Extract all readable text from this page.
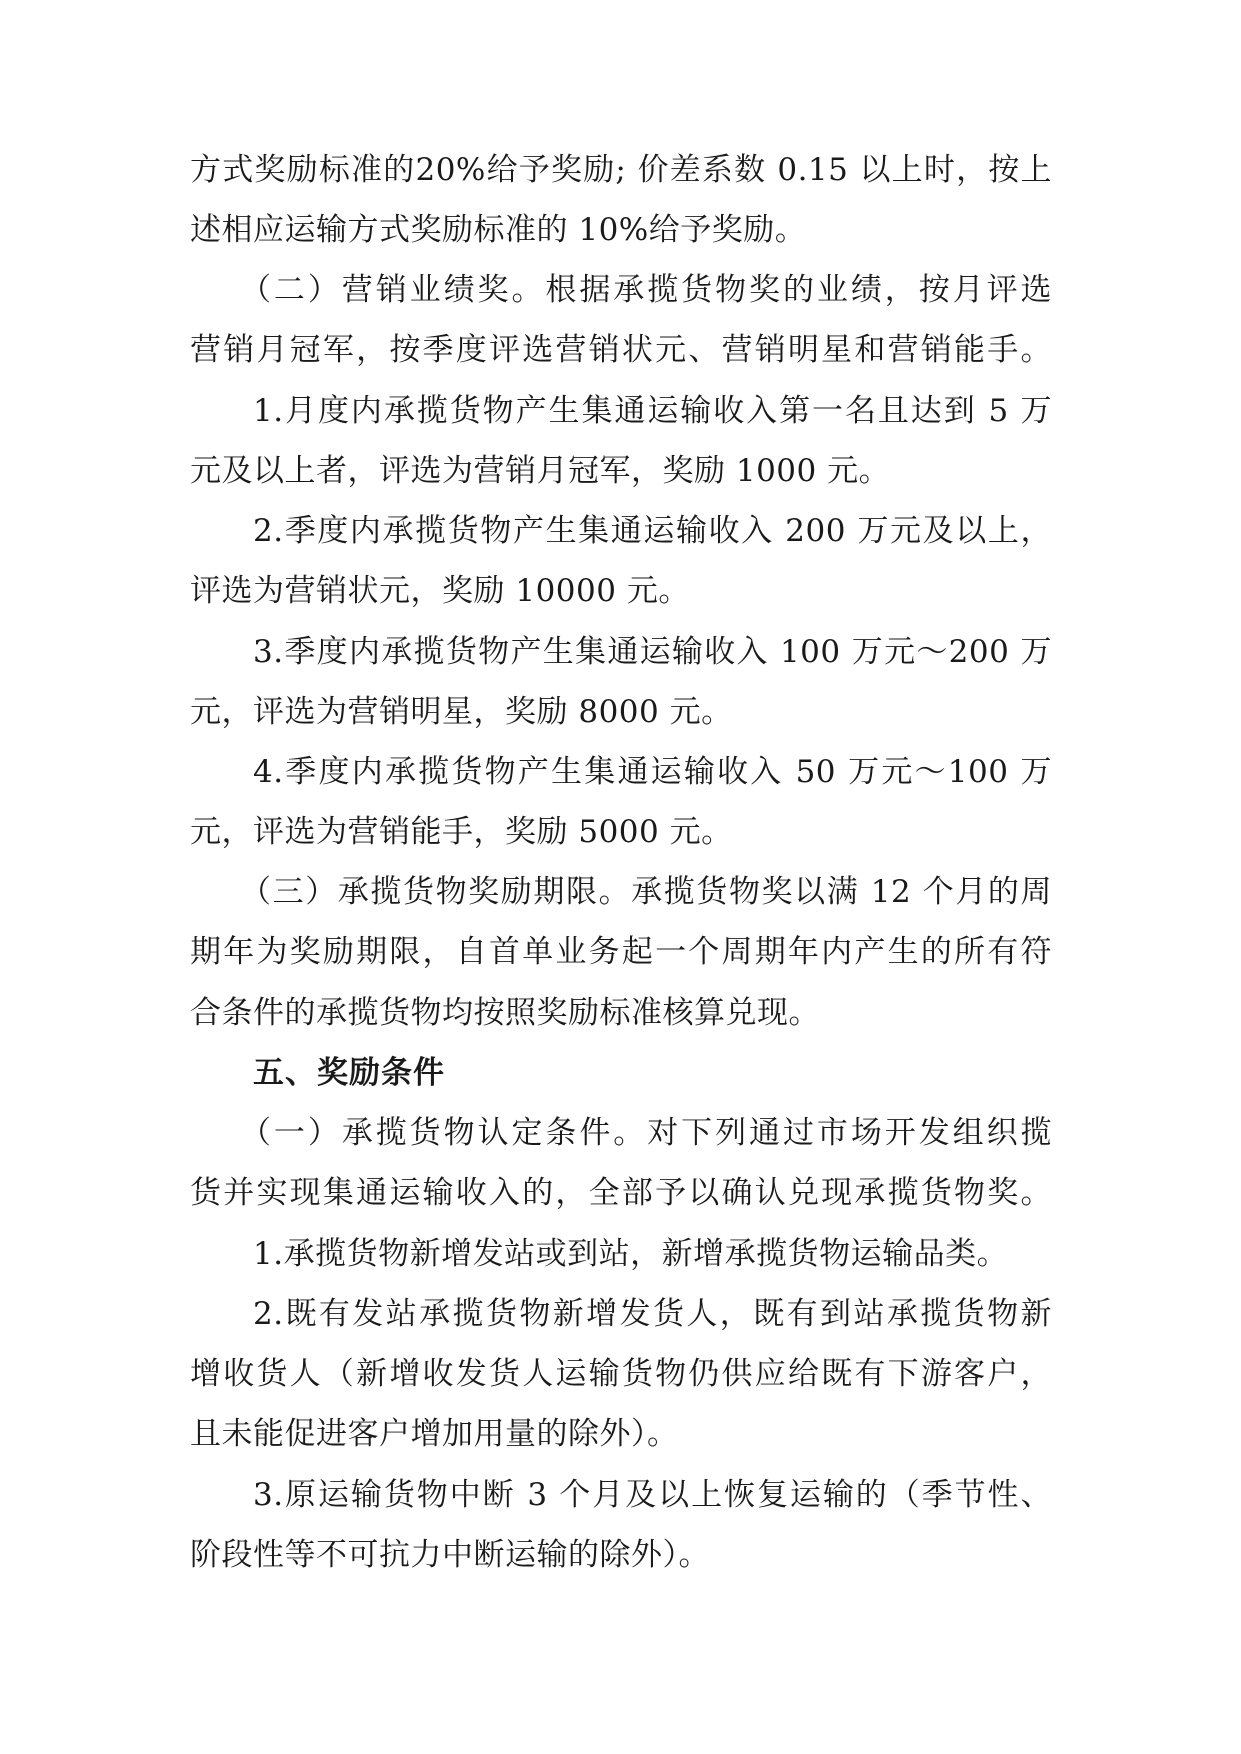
方式奖励标准的20%给予奖励; 价差系数 0.15 以上时，按上
述相应运输方式奖励标准的 10%给予奖励。
（二）营销业绩奖。根据承揽货物奖的业绩，按月评选
营销月冠军，按季度评选营销状元、营销明星和营销能手。
1.月度内承揽货物产生集通运输收入第一名且达到 5 万
元及以上者，评选为营销月冠军，奖励 1000 元。
2.季度内承揽货物产生集通运输收入 200 万元及以上，
评选为营销状元，奖励 10000 元。
3.季度内承揽货物产生集通运输收入 100 万元～200 万
元，评选为营销明星，奖励 8000 元。
4.季度内承揽货物产生集通运输收入 50 万元～100 万
元，评选为营销能手，奖励 5000 元。
（三）承揽货物奖励期限。承揽货物奖以满 12 个月的周
期年为奖励期限，自首单业务起一个周期年内产生的所有符
合条件的承揽货物均按照奖励标准核算兑现。
五、奖励条件
（一）承揽货物认定条件。对下列通过市场开发组织揽
货并实现集通运输收入的，全部予以确认兑现承揽货物奖。
1.承揽货物新增发站或到站，新增承揽货物运输品类。
2.既有发站承揽货物新增发货人，既有到站承揽货物新
增收货人（新增收发货人运输货物仍供应给既有下游客户，
且未能促进客户增加用量的除外）。
3.原运输货物中断 3 个月及以上恢复运输的（季节性、
阶段性等不可抗力中断运输的除外）。
